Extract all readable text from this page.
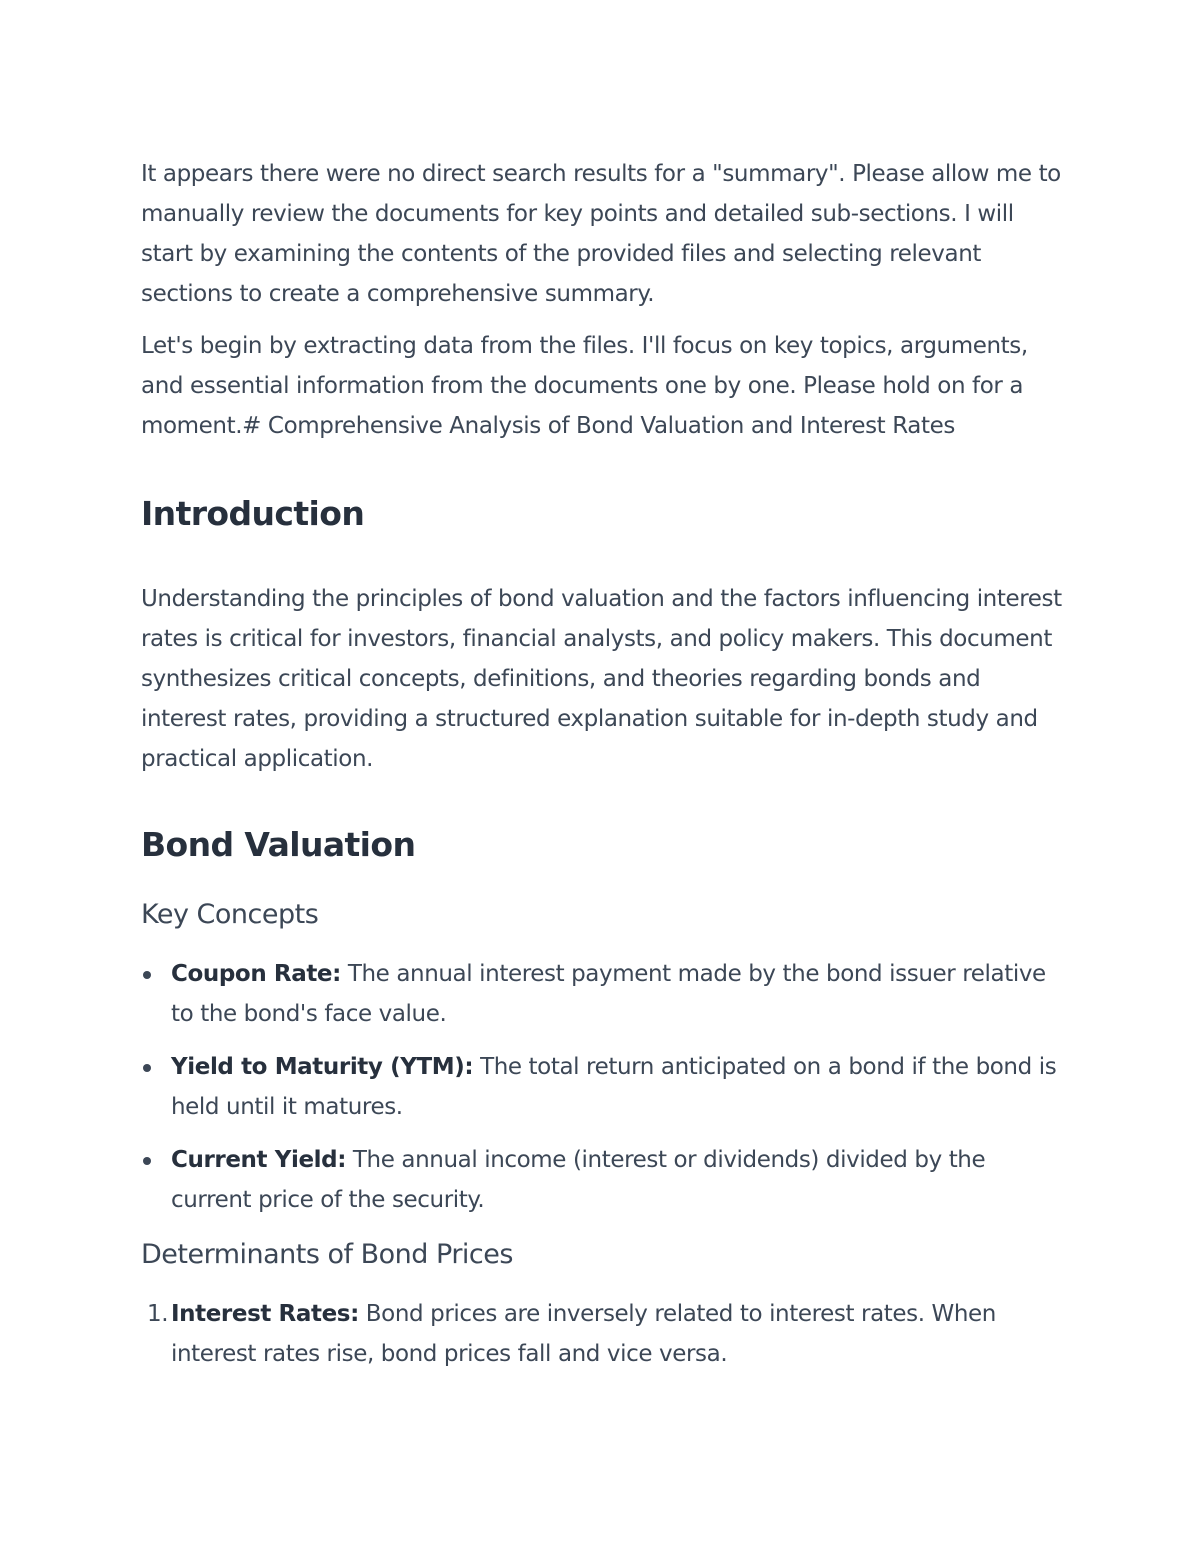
It appears there were no direct search results for a "summary". Please allow me to manually review the documents for key points and detailed sub-sections. I will start by examining the contents of the provided files and selecting relevant sections to create a comprehensive summary.

Let's begin by extracting data from the files. I'll focus on key topics, arguments, and essential information from the documents one by one. Please hold on for a moment.# Comprehensive Analysis of Bond Valuation and Interest Rates

Introduction

Understanding the principles of bond valuation and the factors influencing interest rates is critical for investors, financial analysts, and policy makers. This document synthesizes critical concepts, definitions, and theories regarding bonds and interest rates, providing a structured explanation suitable for in-depth study and practical application.

Bond Valuation
Key Concepts
Coupon Rate: The annual interest payment made by the bond issuer relative to the bond's face value.
Yield to Maturity (YTM): The total return anticipated on a bond if the bond is held until it matures.
Current Yield: The annual income (interest or dividends) divided by the current price of the security.
Determinants of Bond Prices
1. Interest Rates: Bond prices are inversely related to interest rates. When interest rates rise, bond prices fall and vice versa.
